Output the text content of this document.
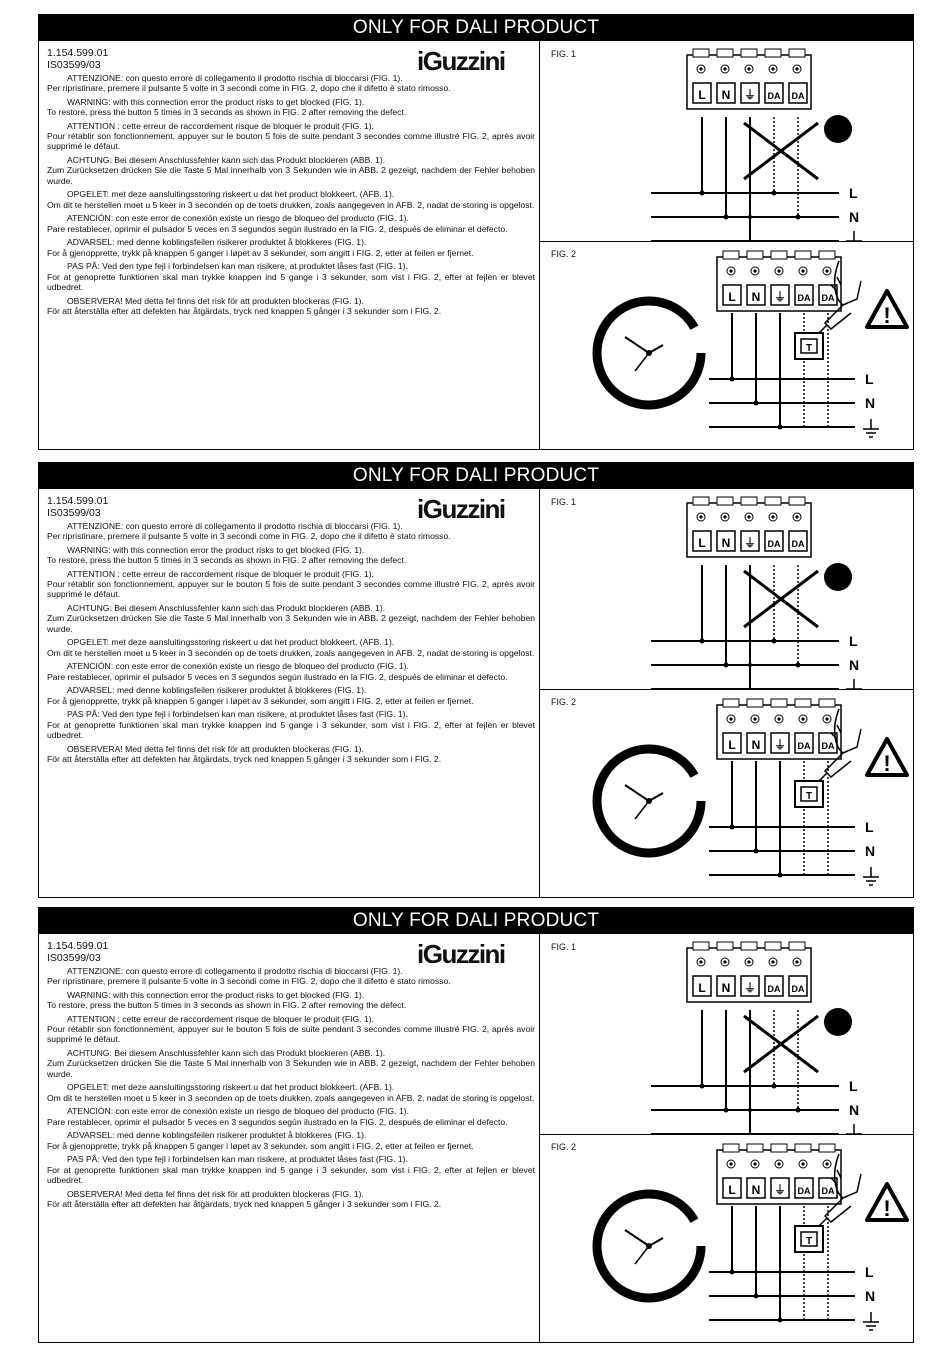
ONLY FOR DALI PRODUCT
1.154.599.01
IS03599/03	iGuzzini
ATTENZIONE: con questo errore di collegamento il prodotto rischia di bloccarsi (FIG. 1).
Per ripristinare, premere il pulsante 5 volte in 3 secondi come in FIG. 2, dopo che il difetto è stato rimosso.
WARNING: with this connection error the product risks to get blocked (FIG. 1).
To restore, press the button 5 times in 3 seconds as shown in FIG. 2 after removing the defect.
ATTENTION : cette erreur de raccordement risque de bloquer le produit (FIG. 1).
Pour rétablir son fonctionnement, appuyer sur le bouton 5 fois de suite pendant 3 secondes comme illustré FIG. 2, après avoir supprimé le défaut.
ACHTUNG: Bei diesem Anschlussfehler kann sich das Produkt blockieren (ABB. 1).
Zum Zurücksetzen drücken Sie die Taste 5 Mal innerhalb von 3 Sekunden wie in ABB. 2 gezeigt, nachdem der Fehler behoben wurde.
OPGELET: met deze aansluitingsstoring riskeert u dat het product blokkeert. (AFB. 1).
Om dit te herstellen moet u 5 keer in 3 seconden op de toets drukken, zoals aangegeven in AFB. 2, nadat de storing is opgelost.
ATENCIÓN: con este error de conexión existe un riesgo de bloqueo del producto (FIG. 1).
Pare restablecer, oprimir el pulsador 5 veces en 3 segundos según ilustrado en la FIG. 2, después de eliminar el defecto.
ADVARSEL: med denne koblingsfeilen risikerer produktet å blokkeres (FIG. 1).
For å gjenopprette, trykk på knappen 5 ganger i løpet av 3 sekunder, som angitt i FIG. 2, etter at feilen er fjernet.
PAS PÅ: Ved den type fejl i forbindelsen kan man risikere, at produktet låses fast (FIG. 1).
For at genoprette funktionen skal man trykke knappen ind 5 gange i 3 sekunder, som vist i FIG. 2, efter at fejlen er blevet udbedret.
OBSERVERA! Med detta fel finns det risk för att produkten blockeras (FIG. 1).
För att återställa efter att defekten har åtgärdats, tryck ned knappen 5 gånger i 3 sekunder som i FIG. 2.
L N ⏚ DA DA
L
N
FIG. 1
L N ⏚ DA DA
T
!
L
N
FIG. 2
ONLY FOR DALI PRODUCT
1.154.599.01
IS03599/03	iGuzzini
ATTENZIONE: con questo errore di collegamento il prodotto rischia di bloccarsi (FIG. 1).
Per ripristinare, premere il pulsante 5 volte in 3 secondi come in FIG. 2, dopo che il difetto è stato rimosso.
WARNING: with this connection error the product risks to get blocked (FIG. 1).
To restore, press the button 5 times in 3 seconds as shown in FIG. 2 after removing the defect.
ATTENTION : cette erreur de raccordement risque de bloquer le produit (FIG. 1).
Pour rétablir son fonctionnement, appuyer sur le bouton 5 fois de suite pendant 3 secondes comme illustré FIG. 2, après avoir supprimé le défaut.
ACHTUNG: Bei diesem Anschlussfehler kann sich das Produkt blockieren (ABB. 1).
Zum Zurücksetzen drücken Sie die Taste 5 Mal innerhalb von 3 Sekunden wie in ABB. 2 gezeigt, nachdem der Fehler behoben wurde.
OPGELET: met deze aansluitingsstoring riskeert u dat het product blokkeert. (AFB. 1).
Om dit te herstellen moet u 5 keer in 3 seconden op de toets drukken, zoals aangegeven in AFB. 2, nadat de storing is opgelost.
ATENCIÓN: con este error de conexión existe un riesgo de bloqueo del producto (FIG. 1).
Pare restablecer, oprimir el pulsador 5 veces en 3 segundos según ilustrado en la FIG. 2, después de eliminar el defecto.
ADVARSEL: med denne koblingsfeilen risikerer produktet å blokkeres (FIG. 1).
For å gjenopprette, trykk på knappen 5 ganger i løpet av 3 sekunder, som angitt i FIG. 2, etter at feilen er fjernet.
PAS PÅ: Ved den type fejl i forbindelsen kan man risikere, at produktet låses fast (FIG. 1).
For at genoprette funktionen skal man trykke knappen ind 5 gange i 3 sekunder, som vist i FIG. 2, efter at fejlen er blevet udbedret.
OBSERVERA! Med detta fel finns det risk för att produkten blockeras (FIG. 1).
För att återställa efter att defekten har åtgärdats, tryck ned knappen 5 gånger i 3 sekunder som i FIG. 2.
L N ⏚ DA DA
L
N
FIG. 1
L N ⏚ DA DA
T
!
L
N
FIG. 2
ONLY FOR DALI PRODUCT
1.154.599.01
IS03599/03	iGuzzini
ATTENZIONE: con questo errore di collegamento il prodotto rischia di bloccarsi (FIG. 1).
Per ripristinare, premere il pulsante 5 volte in 3 secondi come in FIG. 2, dopo che il difetto è stato rimosso.
WARNING: with this connection error the product risks to get blocked (FIG. 1).
To restore, press the button 5 times in 3 seconds as shown in FIG. 2 after removing the defect.
ATTENTION : cette erreur de raccordement risque de bloquer le produit (FIG. 1).
Pour rétablir son fonctionnement, appuyer sur le bouton 5 fois de suite pendant 3 secondes comme illustré FIG. 2, après avoir supprimé le défaut.
ACHTUNG: Bei diesem Anschlussfehler kann sich das Produkt blockieren (ABB. 1).
Zum Zurücksetzen drücken Sie die Taste 5 Mal innerhalb von 3 Sekunden wie in ABB. 2 gezeigt, nachdem der Fehler behoben wurde.
OPGELET: met deze aansluitingsstoring riskeert u dat het product blokkeert. (AFB. 1).
Om dit te herstellen moet u 5 keer in 3 seconden op de toets drukken, zoals aangegeven in AFB. 2, nadat de storing is opgelost.
ATENCIÓN: con este error de conexión existe un riesgo de bloqueo del producto (FIG. 1).
Pare restablecer, oprimir el pulsador 5 veces en 3 segundos según ilustrado en la FIG. 2, después de eliminar el defecto.
ADVARSEL: med denne koblingsfeilen risikerer produktet å blokkeres (FIG. 1).
For å gjenopprette, trykk på knappen 5 ganger i løpet av 3 sekunder, som angitt i FIG. 2, etter at feilen er fjernet.
PAS PÅ: Ved den type fejl i forbindelsen kan man risikere, at produktet låses fast (FIG. 1).
For at genoprette funktionen skal man trykke knappen ind 5 gange i 3 sekunder, som vist i FIG. 2, efter at fejlen er blevet udbedret.
OBSERVERA! Med detta fel finns det risk för att produkten blockeras (FIG. 1).
För att återställa efter att defekten har åtgärdats, tryck ned knappen 5 gånger i 3 sekunder som i FIG. 2.
L N ⏚ DA DA
L
N
FIG. 1
L N ⏚ DA DA
T
!
L
N
FIG. 2
